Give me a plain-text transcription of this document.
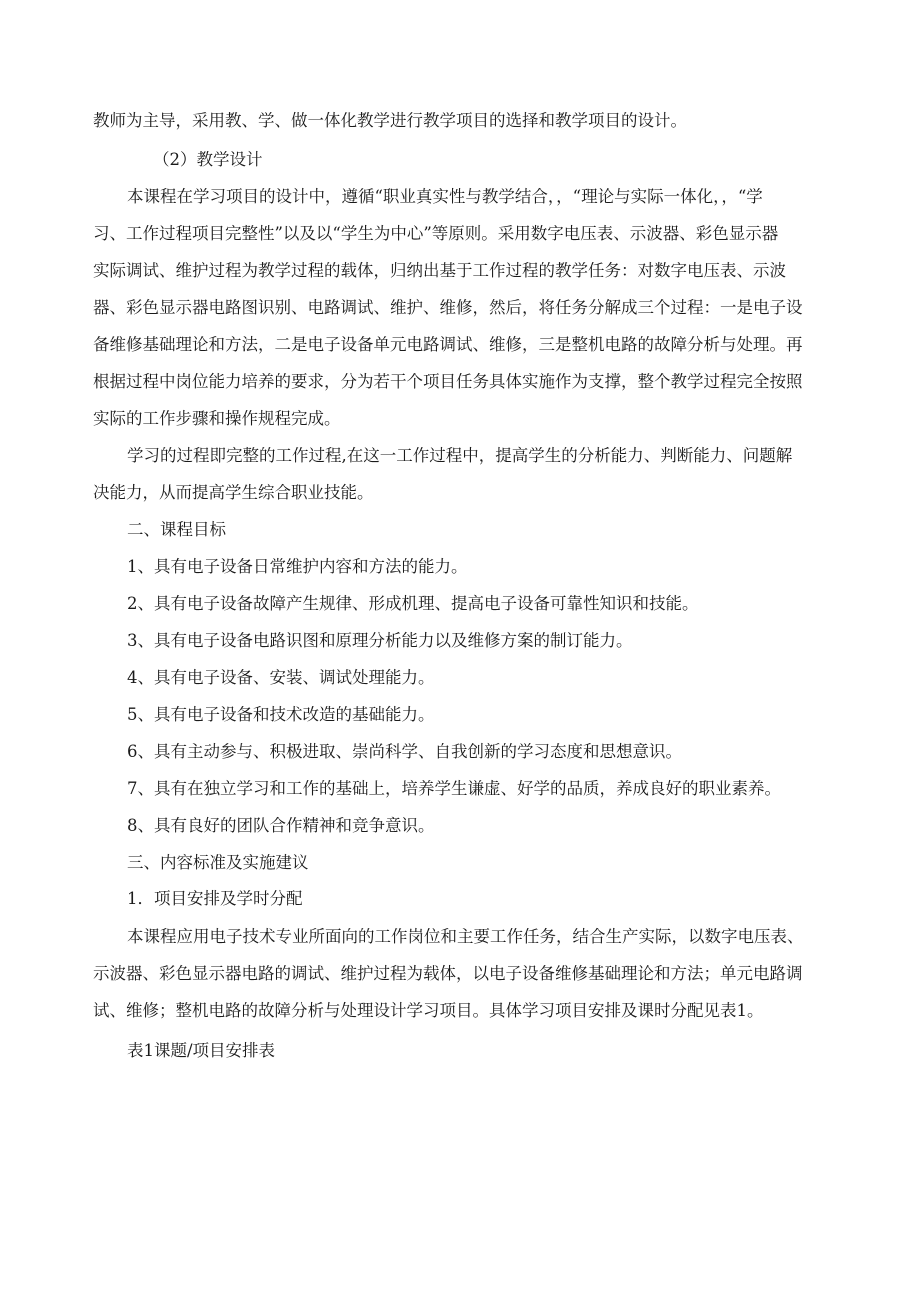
教师为主导，采用教、学、做一体化教学进行教学项目的选择和教学项目的设计。
（2）教学设计
本课程在学习项目的设计中，遵循“职业真实性与教学结合，，“理论与实际一体化，，“学
习、工作过程项目完整性”以及以“学生为中心”等原则。采用数字电压表、示波器、彩色显示器
实际调试、维护过程为教学过程的载体，归纳出基于工作过程的教学任务：对数字电压表、示波
器、彩色显示器电路图识别、电路调试、维护、维修，然后，将任务分解成三个过程：一是电子设
备维修基础理论和方法，二是电子设备单元电路调试、维修，三是整机电路的故障分析与处理。再
根据过程中岗位能力培养的要求，分为若干个项目任务具体实施作为支撑，整个教学过程完全按照
实际的工作步骤和操作规程完成。
学习的过程即完整的工作过程,在这一工作过程中，提高学生的分析能力、判断能力、问题解
决能力，从而提高学生综合职业技能。
二、课程目标
1、具有电子设备日常维护内容和方法的能力。
2、具有电子设备故障产生规律、形成机理、提高电子设备可靠性知识和技能。
3、具有电子设备电路识图和原理分析能力以及维修方案的制订能力。
4、具有电子设备、安装、调试处理能力。
5、具有电子设备和技术改造的基础能力。
6、具有主动参与、积极进取、崇尚科学、自我创新的学习态度和思想意识。
7、具有在独立学习和工作的基础上，培养学生谦虚、好学的品质，养成良好的职业素养。
8、具有良好的团队合作精神和竞争意识。
三、内容标准及实施建议
1．项目安排及学时分配
本课程应用电子技术专业所面向的工作岗位和主要工作任务，结合生产实际，以数字电压表、
示波器、彩色显示器电路的调试、维护过程为载体，以电子设备维修基础理论和方法；单元电路调
试、维修；整机电路的故障分析与处理设计学习项目。具体学习项目安排及课时分配见表1。
表1课题/项目安排表
